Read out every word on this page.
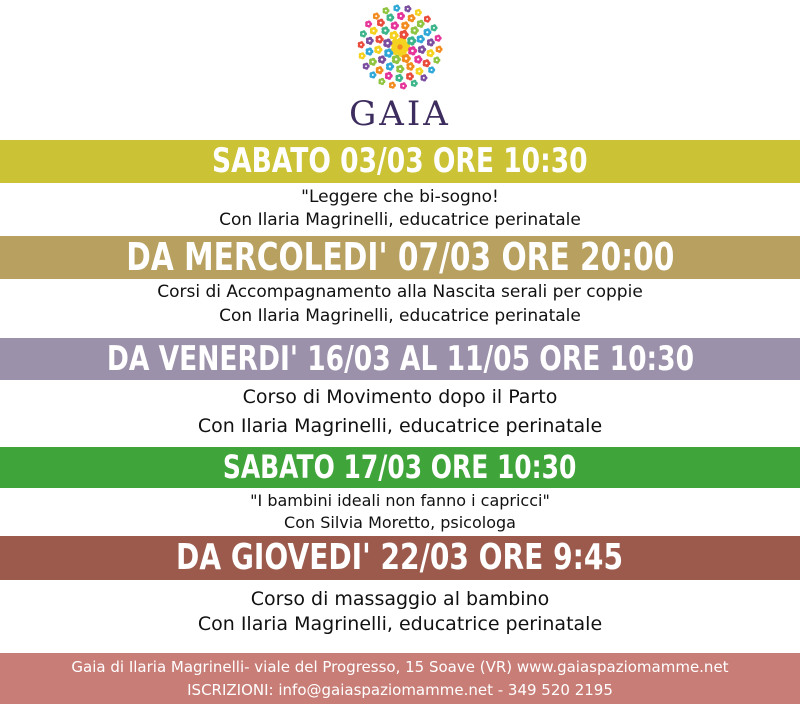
GAIA
SABATO 03/03 ORE 10:30
"Leggere che bi-sogno!
Con Ilaria Magrinelli, educatrice perinatale
DA MERCOLEDI' 07/03 ORE 20:00
Corsi di Accompagnamento alla Nascita serali per coppie
Con Ilaria Magrinelli, educatrice perinatale
DA VENERDI' 16/03 AL 11/05 ORE 10:30
Corso di Movimento dopo il Parto
Con Ilaria Magrinelli, educatrice perinatale
SABATO 17/03 ORE 10:30
"I bambini ideali non fanno i capricci"
Con Silvia Moretto, psicologa
DA GIOVEDI' 22/03 ORE 9:45
Corso di massaggio al bambino
Con Ilaria Magrinelli, educatrice perinatale
Gaia di Ilaria Magrinelli- viale del Progresso, 15 Soave (VR) www.gaiaspaziomamme.net
ISCRIZIONI: info@gaiaspaziomamme.net - 349 520 2195
